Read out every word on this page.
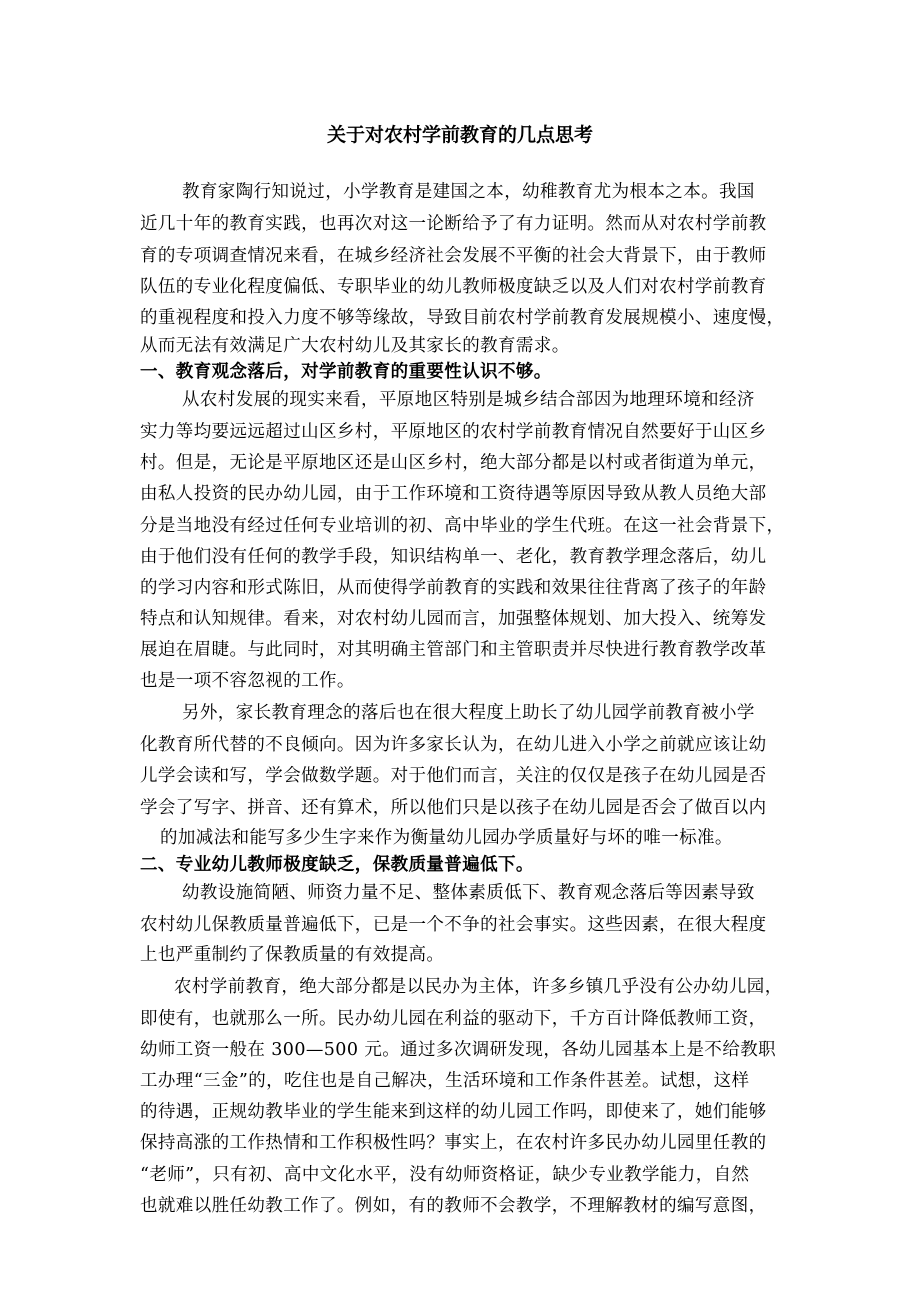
关于对农村学前教育的几点思考
教育家陶行知说过，小学教育是建国之本，幼稚教育尤为根本之本。我国
近几十年的教育实践，也再次对这一论断给予了有力证明。然而从对农村学前教
育的专项调查情况来看，在城乡经济社会发展不平衡的社会大背景下，由于教师
队伍的专业化程度偏低、专职毕业的幼儿教师极度缺乏以及人们对农村学前教育
的重视程度和投入力度不够等缘故，导致目前农村学前教育发展规模小、速度慢，
从而无法有效满足广大农村幼儿及其家长的教育需求。
一、教育观念落后，对学前教育的重要性认识不够。
从农村发展的现实来看，平原地区特别是城乡结合部因为地理环境和经济
实力等均要远远超过山区乡村，平原地区的农村学前教育情况自然要好于山区乡
村。但是，无论是平原地区还是山区乡村，绝大部分都是以村或者街道为单元，
由私人投资的民办幼儿园，由于工作环境和工资待遇等原因导致从教人员绝大部
分是当地没有经过任何专业培训的初、高中毕业的学生代班。在这一社会背景下，
由于他们没有任何的教学手段，知识结构单一、老化，教育教学理念落后，幼儿
的学习内容和形式陈旧，从而使得学前教育的实践和效果往往背离了孩子的年龄
特点和认知规律。看来，对农村幼儿园而言，加强整体规划、加大投入、统筹发
展迫在眉睫。与此同时，对其明确主管部门和主管职责并尽快进行教育教学改革
也是一项不容忽视的工作。
另外，家长教育理念的落后也在很大程度上助长了幼儿园学前教育被小学
化教育所代替的不良倾向。因为许多家长认为，在幼儿进入小学之前就应该让幼
儿学会读和写，学会做数学题。对于他们而言，关注的仅仅是孩子在幼儿园是否
学会了写字、拼音、还有算术，所以他们只是以孩子在幼儿园是否会了做百以内
的加减法和能写多少生字来作为衡量幼儿园办学质量好与坏的唯一标准。
二、专业幼儿教师极度缺乏，保教质量普遍低下。
幼教设施简陋、师资力量不足、整体素质低下、教育观念落后等因素导致
农村幼儿保教质量普遍低下，已是一个不争的社会事实。这些因素，在很大程度
上也严重制约了保教质量的有效提高。
农村学前教育，绝大部分都是以民办为主体，许多乡镇几乎没有公办幼儿园，
即使有，也就那么一所。民办幼儿园在利益的驱动下，千方百计降低教师工资，
幼师工资一般在 300—500 元。通过多次调研发现，各幼儿园基本上是不给教职
工办理“三金”的，吃住也是自己解决，生活环境和工作条件甚差。试想，这样
的待遇，正规幼教毕业的学生能来到这样的幼儿园工作吗，即使来了，她们能够
保持高涨的工作热情和工作积极性吗？事实上，在农村许多民办幼儿园里任教的
“老师”，只有初、高中文化水平，没有幼师资格证，缺少专业教学能力，自然
也就难以胜任幼教工作了。例如，有的教师不会教学，不理解教材的编写意图，
